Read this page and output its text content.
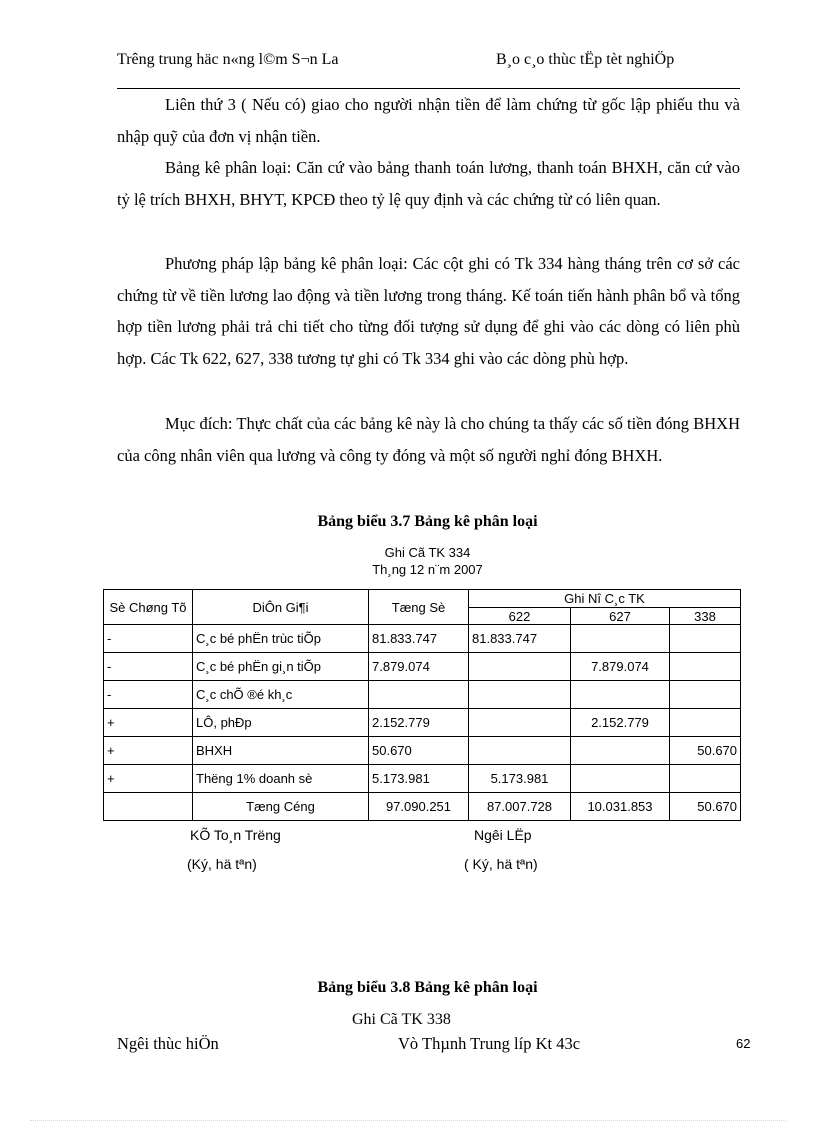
Trêng trung häc n«ng l©m S¬n La	B¸o c¸o thùc tËp tèt nghiÖp
Liên thứ 3 ( Nếu có) giao cho người nhận tiền để làm chứng từ gốc lập phiếu thu và nhập quỹ của đơn vị nhận tiền.
Bảng kê phân loại: Căn cứ vào bảng thanh toán lương, thanh toán BHXH, căn cứ vào tỷ lệ trích BHXH, BHYT, KPCĐ theo tỷ lệ quy định và các chứng từ có liên quan.
Phương pháp lập bảng kê phân loại: Các cột ghi có Tk 334 hàng tháng trên cơ sở các chứng từ về tiền lương lao động và tiền lương trong tháng. Kế toán tiến hành phân bổ và tổng hợp tiền lương phải trả chi tiết cho từng đối tượng sử dụng để ghi vào các dòng có liên phù hợp. Các Tk 622, 627, 338 tương tự ghi có Tk 334 ghi vào các dòng phù hợp.
Mục đích: Thực chất của các bảng kê này là cho chúng ta thấy các số tiền đóng BHXH của công nhân viên qua lương và công ty đóng và một số người nghỉ đóng BHXH.
Bảng biểu 3.7 Bảng kê phân loại
Ghi Cã TK 334
Th¸ng 12 n¨m 2007
Sè Chøng Tõ	DiÔn Gi¶i	Tæng Sè	Ghi Nî C¸c TK		
			622	627	338
-	C¸c bé phËn trùc tiÕp	81.833.747	81.833.747		
-	C¸c bé phËn gi¸n tiÕp	7.879.074		7.879.074	
-	C¸c chÕ ®é kh¸c				
+	LÔ, phÐp	2.152.779		2.152.779	
+	BHXH	50.670			50.670
+	Thëng 1% doanh sè	5.173.981	5.173.981		
	Tæng Céng	97.090.251	87.007.728	10.031.853	50.670
KÕ To¸n Trëng
(Ký, hä tªn)
Ngêi LËp
( Ký, hä tªn)
Bảng biểu 3.8 Bảng kê phân loại
Ghi Cã TK 338
Ngêi thùc hiÖn	Vò Thµnh Trung líp Kt 43c	62
